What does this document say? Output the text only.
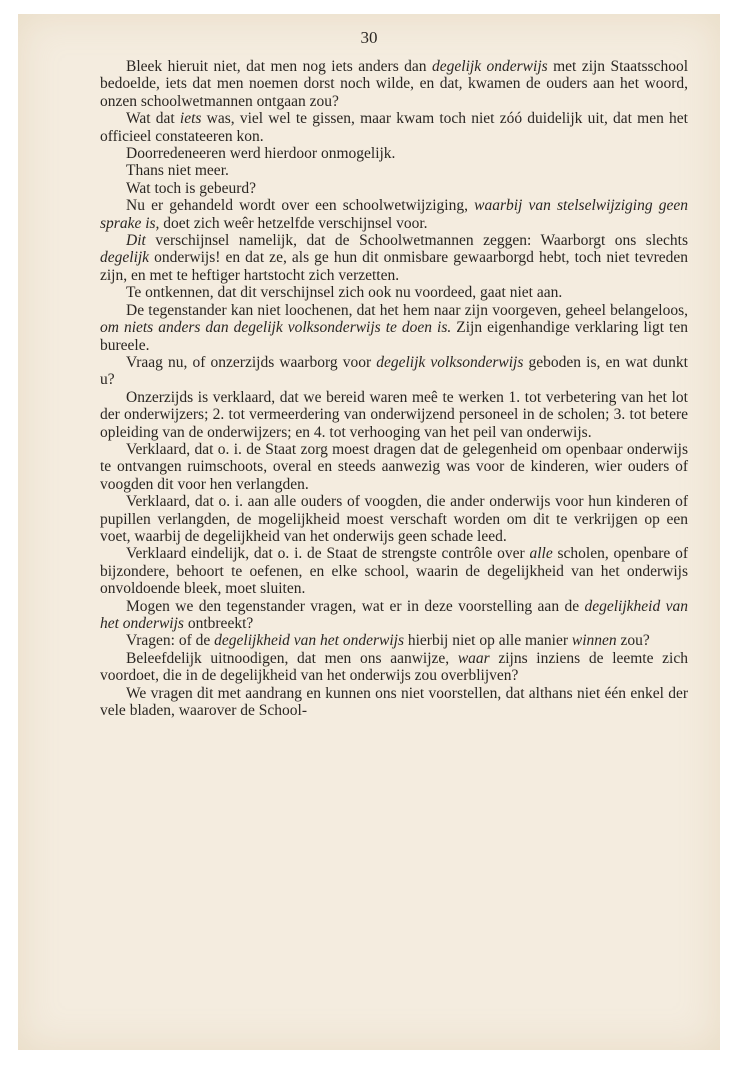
30

Bleek hieruit niet, dat men nog iets anders dan degelijk onderwijs met zijn Staatsschool bedoelde, iets dat men noemen dorst noch wilde, en dat, kwamen de ouders aan het woord, onzen schoolwetmannen ontgaan zou?

Wat dat iets was, viel wel te gissen, maar kwam toch niet zóó duidelijk uit, dat men het officieel constateeren kon.

Doorredeneeren werd hierdoor onmogelijk.

Thans niet meer.

Wat toch is gebeurd?

Nu er gehandeld wordt over een schoolwetwijziging, waarbij van stelselwijziging geen sprake is, doet zich weêr hetzelfde verschijnsel voor.

Dit verschijnsel namelijk, dat de Schoolwetmannen zeggen: Waarborgt ons slechts degelijk onderwijs! en dat ze, als ge hun dit onmisbare gewaarborgd hebt, toch niet tevreden zijn, en met te heftiger hartstocht zich verzetten.

Te ontkennen, dat dit verschijnsel zich ook nu voordeed, gaat niet aan.

De tegenstander kan niet loochenen, dat het hem naar zijn voorgeven, geheel belangeloos, om niets anders dan degelijk volksonderwijs te doen is. Zijn eigenhandige verklaring ligt ten bureele.

Vraag nu, of onzerzijds waarborg voor degelijk volksonderwijs geboden is, en wat dunkt u?

Onzerzijds is verklaard, dat we bereid waren meê te werken 1. tot verbetering van het lot der onderwijzers; 2. tot vermeerdering van onderwijzend personeel in de scholen; 3. tot betere opleiding van de onderwijzers; en 4. tot verhooging van het peil van onderwijs.

Verklaard, dat o. i. de Staat zorg moest dragen dat de gelegenheid om openbaar onderwijs te ontvangen ruimschoots, overal en steeds aanwezig was voor de kinderen, wier ouders of voogden dit voor hen verlangden.

Verklaard, dat o. i. aan alle ouders of voogden, die ander onderwijs voor hun kinderen of pupillen verlangden, de mogelijkheid moest verschaft worden om dit te verkrijgen op een voet, waarbij de degelijkheid van het onderwijs geen schade leed.

Verklaard eindelijk, dat o. i. de Staat de strengste contrôle over alle scholen, openbare of bijzondere, behoort te oefenen, en elke school, waarin de degelijkheid van het onderwijs onvoldoende bleek, moet sluiten.

Mogen we den tegenstander vragen, wat er in deze voorstelling aan de degelijkheid van het onderwijs ontbreekt?

Vragen: of de degelijkheid van het onderwijs hierbij niet op alle manier winnen zou?

Beleefdelijk uitnoodigen, dat men ons aanwijze, waar zijns inziens de leemte zich voordoet, die in de degelijkheid van het onderwijs zou overblijven?

We vragen dit met aandrang en kunnen ons niet voorstellen, dat althans niet één enkel der vele bladen, waarover de School-
